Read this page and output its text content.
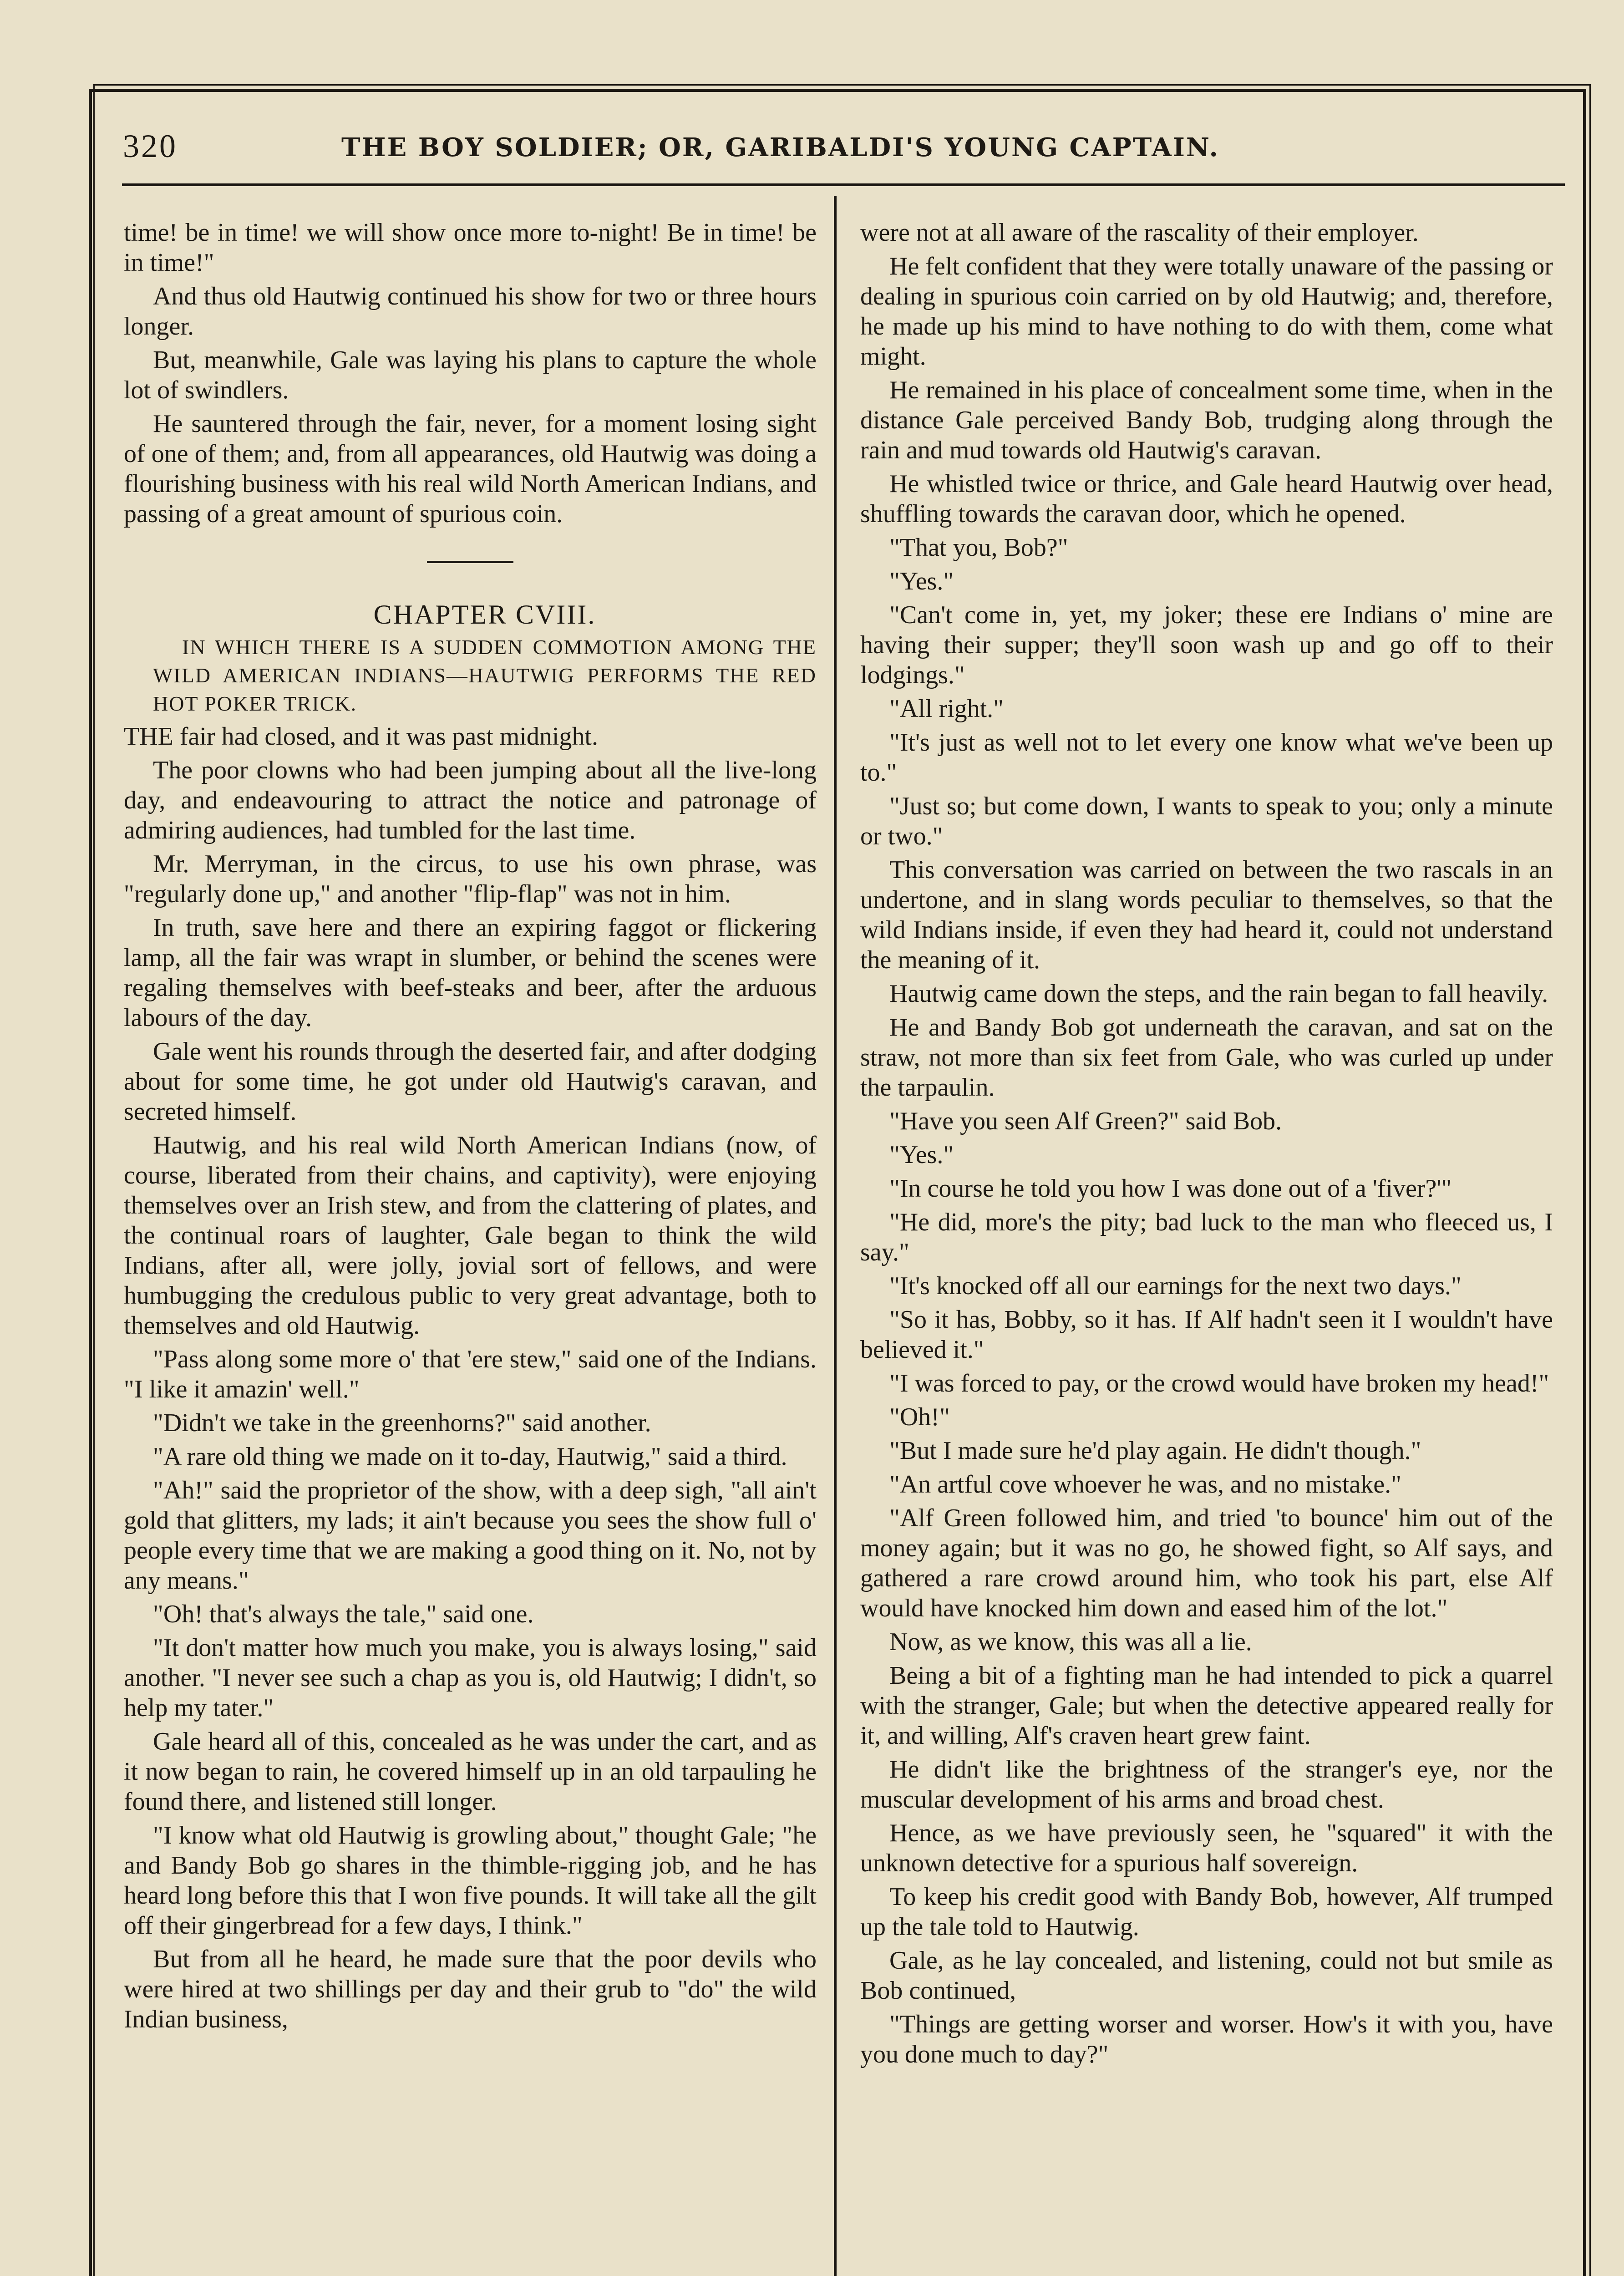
320	THE BOY SOLDIER; OR, GARIBALDI'S YOUNG CAPTAIN.

time! be in time! we will show once more to-night! Be in time! be in time!"

And thus old Hautwig continued his show for two or three hours longer.

But, meanwhile, Gale was laying his plans to capture the whole lot of swindlers.

He sauntered through the fair, never, for a moment losing sight of one of them; and, from all appearances, old Hautwig was doing a flourishing business with his real wild North American Indians, and passing of a great amount of spurious coin.

CHAPTER CVIII.

IN WHICH THERE IS A SUDDEN COMMOTION AMONG THE WILD AMERICAN INDIANS—HAUTWIG PERFORMS THE RED HOT POKER TRICK.

THE fair had closed, and it was past midnight.

The poor clowns who had been jumping about all the live-long day, and endeavouring to attract the notice and patronage of admiring audiences, had tumbled for the last time.

Mr. Merryman, in the circus, to use his own phrase, was "regularly done up," and another "flip-flap" was not in him.

In truth, save here and there an expiring faggot or flickering lamp, all the fair was wrapt in slumber, or behind the scenes were regaling themselves with beef-steaks and beer, after the arduous labours of the day.

Gale went his rounds through the deserted fair, and after dodging about for some time, he got under old Hautwig's caravan, and secreted himself.

Hautwig, and his real wild North American Indians (now, of course, liberated from their chains, and captivity), were enjoying themselves over an Irish stew, and from the clattering of plates, and the continual roars of laughter, Gale began to think the wild Indians, after all, were jolly, jovial sort of fellows, and were humbugging the credulous public to very great advantage, both to themselves and old Hautwig.

"Pass along some more o' that 'ere stew," said one of the Indians. "I like it amazin' well."

"Didn't we take in the greenhorns?" said another.

"A rare old thing we made on it to-day, Hautwig," said a third.

"Ah!" said the proprietor of the show, with a deep sigh, "all ain't gold that glitters, my lads; it ain't because you sees the show full o' people every time that we are making a good thing on it. No, not by any means."

"Oh! that's always the tale," said one.

"It don't matter how much you make, you is always losing," said another. "I never see such a chap as you is, old Hautwig; I didn't, so help my tater."

Gale heard all of this, concealed as he was under the cart, and as it now began to rain, he covered himself up in an old tarpauling he found there, and listened still longer.

"I know what old Hautwig is growling about," thought Gale; "he and Bandy Bob go shares in the thimble-rigging job, and he has heard long before this that I won five pounds. It will take all the gilt off their gingerbread for a few days, I think."

But from all he heard, he made sure that the poor devils who were hired at two shillings per day and their grub to "do" the wild Indian business,

were not at all aware of the rascality of their employer.

He felt confident that they were totally unaware of the passing or dealing in spurious coin carried on by old Hautwig; and, therefore, he made up his mind to have nothing to do with them, come what might.

He remained in his place of concealment some time, when in the distance Gale perceived Bandy Bob, trudging along through the rain and mud towards old Hautwig's caravan.

He whistled twice or thrice, and Gale heard Hautwig over head, shuffling towards the caravan door, which he opened.

"That you, Bob?"

"Yes."

"Can't come in, yet, my joker; these ere Indians o' mine are having their supper; they'll soon wash up and go off to their lodgings."

"All right."

"It's just as well not to let every one know what we've been up to."

"Just so; but come down, I wants to speak to you; only a minute or two."

This conversation was carried on between the two rascals in an undertone, and in slang words peculiar to themselves, so that the wild Indians inside, if even they had heard it, could not understand the meaning of it.

Hautwig came down the steps, and the rain began to fall heavily.

He and Bandy Bob got underneath the caravan, and sat on the straw, not more than six feet from Gale, who was curled up under the tarpaulin.

"Have you seen Alf Green?" said Bob.

"Yes."

"In course he told you how I was done out of a 'fiver?'"

"He did, more's the pity; bad luck to the man who fleeced us, I say."

"It's knocked off all our earnings for the next two days."

"So it has, Bobby, so it has. If Alf hadn't seen it I wouldn't have believed it."

"I was forced to pay, or the crowd would have broken my head!"

"Oh!"

"But I made sure he'd play again. He didn't though."

"An artful cove whoever he was, and no mistake."

"Alf Green followed him, and tried 'to bounce' him out of the money again; but it was no go, he showed fight, so Alf says, and gathered a rare crowd around him, who took his part, else Alf would have knocked him down and eased him of the lot."

Now, as we know, this was all a lie.

Being a bit of a fighting man he had intended to pick a quarrel with the stranger, Gale; but when the detective appeared really for it, and willing, Alf's craven heart grew faint.

He didn't like the brightness of the stranger's eye, nor the muscular development of his arms and broad chest.

Hence, as we have previously seen, he "squared" it with the unknown detective for a spurious half sovereign.

To keep his credit good with Bandy Bob, however, Alf trumped up the tale told to Hautwig.

Gale, as he lay concealed, and listening, could not but smile as Bob continued,

"Things are getting worser and worser. How's it with you, have you done much to day?"
